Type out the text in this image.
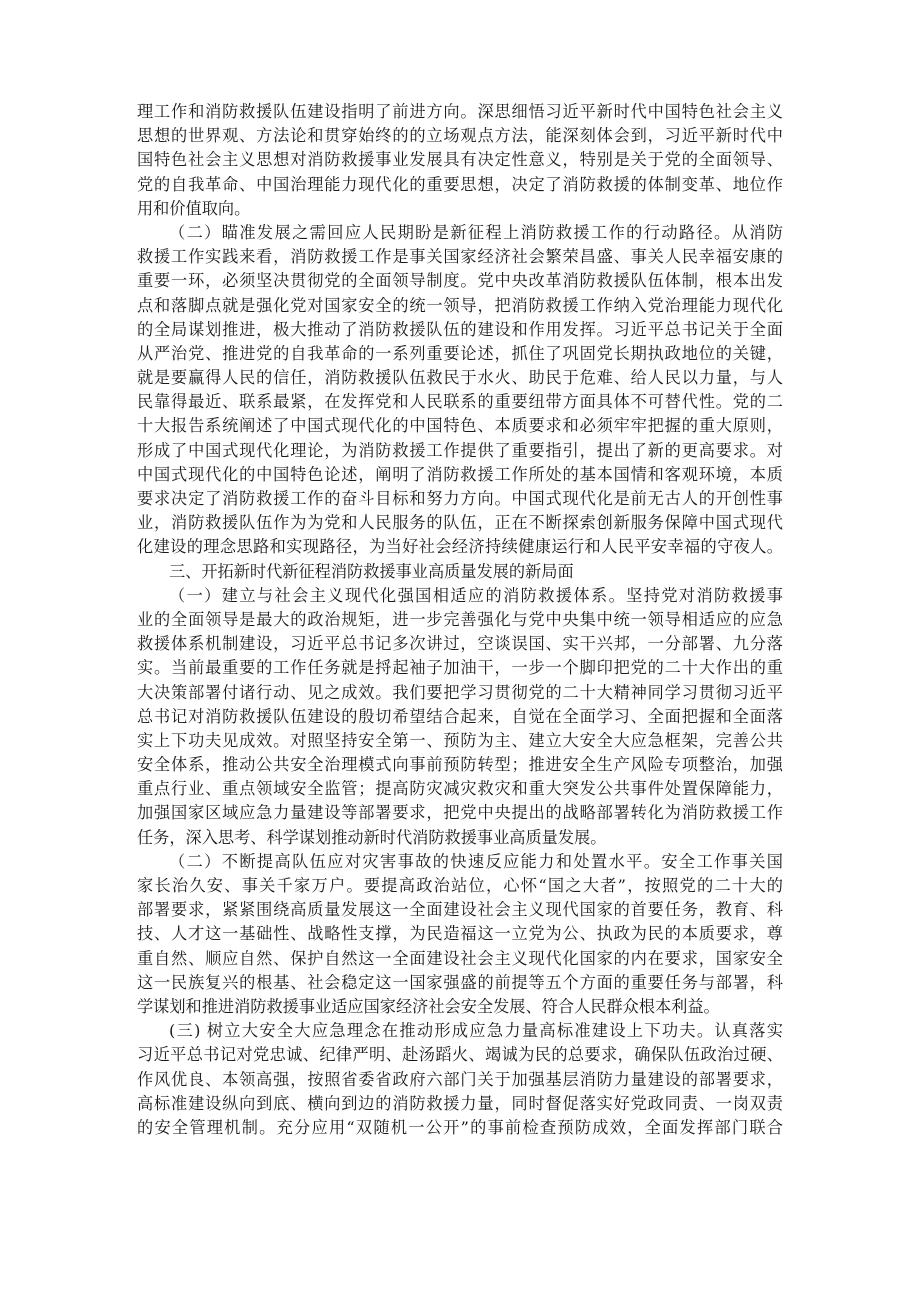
理工作和消防救援队伍建设指明了前进方向。深思细悟习近平新时代中国特色社会主义
思想的世界观、方法论和贯穿始终的的立场观点方法，能深刻体会到，习近平新时代中
国特色社会主义思想对消防救援事业发展具有决定性意义，特别是关于党的全面领导、
党的自我革命、中国治理能力现代化的重要思想，决定了消防救援的体制变革、地位作
用和价值取向。
（二）瞄准发展之需回应人民期盼是新征程上消防救援工作的行动路径。从消防
救援工作实践来看，消防救援工作是事关国家经济社会繁荣昌盛、事关人民幸福安康的
重要一环，必须坚决贯彻党的全面领导制度。党中央改革消防救援队伍体制，根本出发
点和落脚点就是强化党对国家安全的统一领导，把消防救援工作纳入党治理能力现代化
的全局谋划推进，极大推动了消防救援队伍的建设和作用发挥。习近平总书记关于全面
从严治党、推进党的自我革命的一系列重要论述，抓住了巩固党长期执政地位的关键，
就是要赢得人民的信任，消防救援队伍救民于水火、助民于危难、给人民以力量，与人
民靠得最近、联系最紧，在发挥党和人民联系的重要纽带方面具体不可替代性。党的二
十大报告系统阐述了中国式现代化的中国特色、本质要求和必须牢牢把握的重大原则，
形成了中国式现代化理论，为消防救援工作提供了重要指引，提出了新的更高要求。对
中国式现代化的中国特色论述，阐明了消防救援工作所处的基本国情和客观环境，本质
要求决定了消防救援工作的奋斗目标和努力方向。中国式现代化是前无古人的开创性事
业，消防救援队伍作为为党和人民服务的队伍，正在不断探索创新服务保障中国式现代
化建设的理念思路和实现路径，为当好社会经济持续健康运行和人民平安幸福的守夜人。
三、开拓新时代新征程消防救援事业高质量发展的新局面
（一）建立与社会主义现代化强国相适应的消防救援体系。坚持党对消防救援事
业的全面领导是最大的政治规矩，进一步完善强化与党中央集中统一领导相适应的应急
救援体系机制建设，习近平总书记多次讲过，空谈误国、实干兴邦，一分部署、九分落
实。当前最重要的工作任务就是捋起袖子加油干，一步一个脚印把党的二十大作出的重
大决策部署付诸行动、见之成效。我们要把学习贯彻党的二十大精神同学习贯彻习近平
总书记对消防救援队伍建设的殷切希望结合起来，自觉在全面学习、全面把握和全面落
实上下功夫见成效。对照坚持安全第一、预防为主、建立大安全大应急框架，完善公共
安全体系，推动公共安全治理模式向事前预防转型；推进安全生产风险专项整治，加强
重点行业、重点领域安全监管；提高防灾减灾救灾和重大突发公共事件处置保障能力，
加强国家区域应急力量建设等部署要求，把党中央提出的战略部署转化为消防救援工作
任务，深入思考、科学谋划推动新时代消防救援事业高质量发展。
（二）不断提高队伍应对灾害事故的快速反应能力和处置水平。安全工作事关国
家长治久安、事关千家万户。要提高政治站位，心怀“国之大者”，按照党的二十大的
部署要求，紧紧围绕高质量发展这一全面建设社会主义现代国家的首要任务，教育、科
技、人才这一基础性、战略性支撑，为民造福这一立党为公、执政为民的本质要求，尊
重自然、顺应自然、保护自然这一全面建设社会主义现代化国家的内在要求，国家安全
这一民族复兴的根基、社会稳定这一国家强盛的前提等五个方面的重要任务与部署，科
学谋划和推进消防救援事业适应国家经济社会安全发展、符合人民群众根本利益。
(三) 树立大安全大应急理念在推动形成应急力量高标准建设上下功夫。认真落实
习近平总书记对党忠诚、纪律严明、赴汤蹈火、竭诚为民的总要求，确保队伍政治过硬、
作风优良、本领高强，按照省委省政府六部门关于加强基层消防力量建设的部署要求，
高标准建设纵向到底、横向到边的消防救援力量，同时督促落实好党政同责、一岗双责
的安全管理机制。充分应用“双随机一公开”的事前检查预防成效，全面发挥部门联合
